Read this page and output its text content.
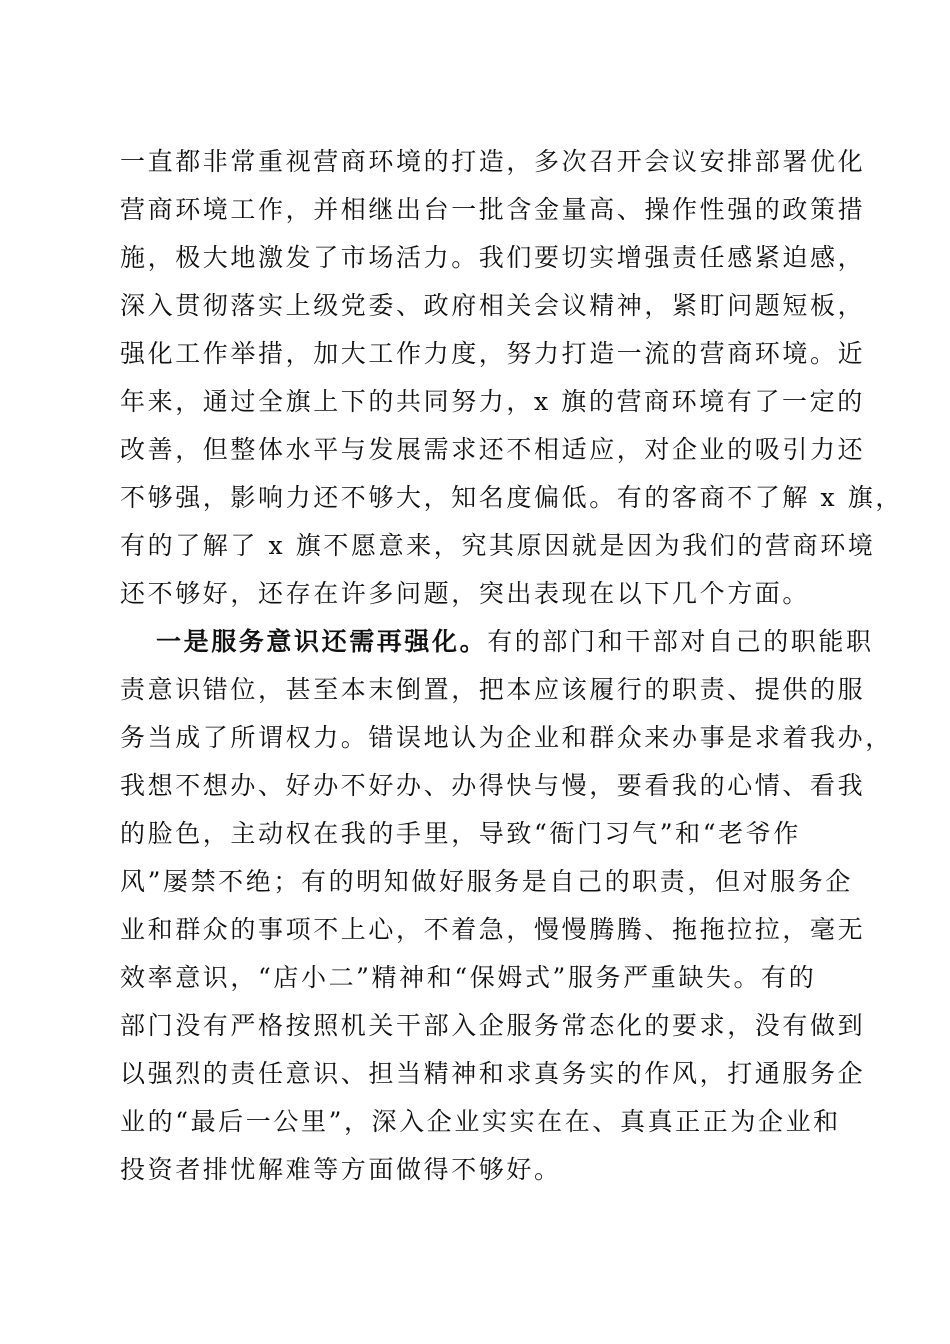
一直都非常重视营商环境的打造，多次召开会议安排部署优化
营商环境工作，并相继出台一批含金量高、操作性强的政策措
施，极大地激发了市场活力。我们要切实增强责任感紧迫感，
深入贯彻落实上级党委、政府相关会议精神，紧盯问题短板，
强化工作举措，加大工作力度，努力打造一流的营商环境。近
年来，通过全旗上下的共同努力，x 旗的营商环境有了一定的
改善，但整体水平与发展需求还不相适应，对企业的吸引力还
不够强，影响力还不够大，知名度偏低。有的客商不了解 x 旗，
有的了解了 x 旗不愿意来，究其原因就是因为我们的营商环境
还不够好，还存在许多问题，突出表现在以下几个方面。
一是服务意识还需再强化。有的部门和干部对自己的职能职
责意识错位，甚至本末倒置，把本应该履行的职责、提供的服
务当成了所谓权力。错误地认为企业和群众来办事是求着我办，
我想不想办、好办不好办、办得快与慢，要看我的心情、看我
的脸色，主动权在我的手里，导致“衙门习气”和“老爷作
风”屡禁不绝；有的明知做好服务是自己的职责，但对服务企
业和群众的事项不上心，不着急，慢慢腾腾、拖拖拉拉，毫无
效率意识，“店小二”精神和“保姆式”服务严重缺失。有的
部门没有严格按照机关干部入企服务常态化的要求，没有做到
以强烈的责任意识、担当精神和求真务实的作风，打通服务企
业的“最后一公里”，深入企业实实在在、真真正正为企业和
投资者排忧解难等方面做得不够好。
